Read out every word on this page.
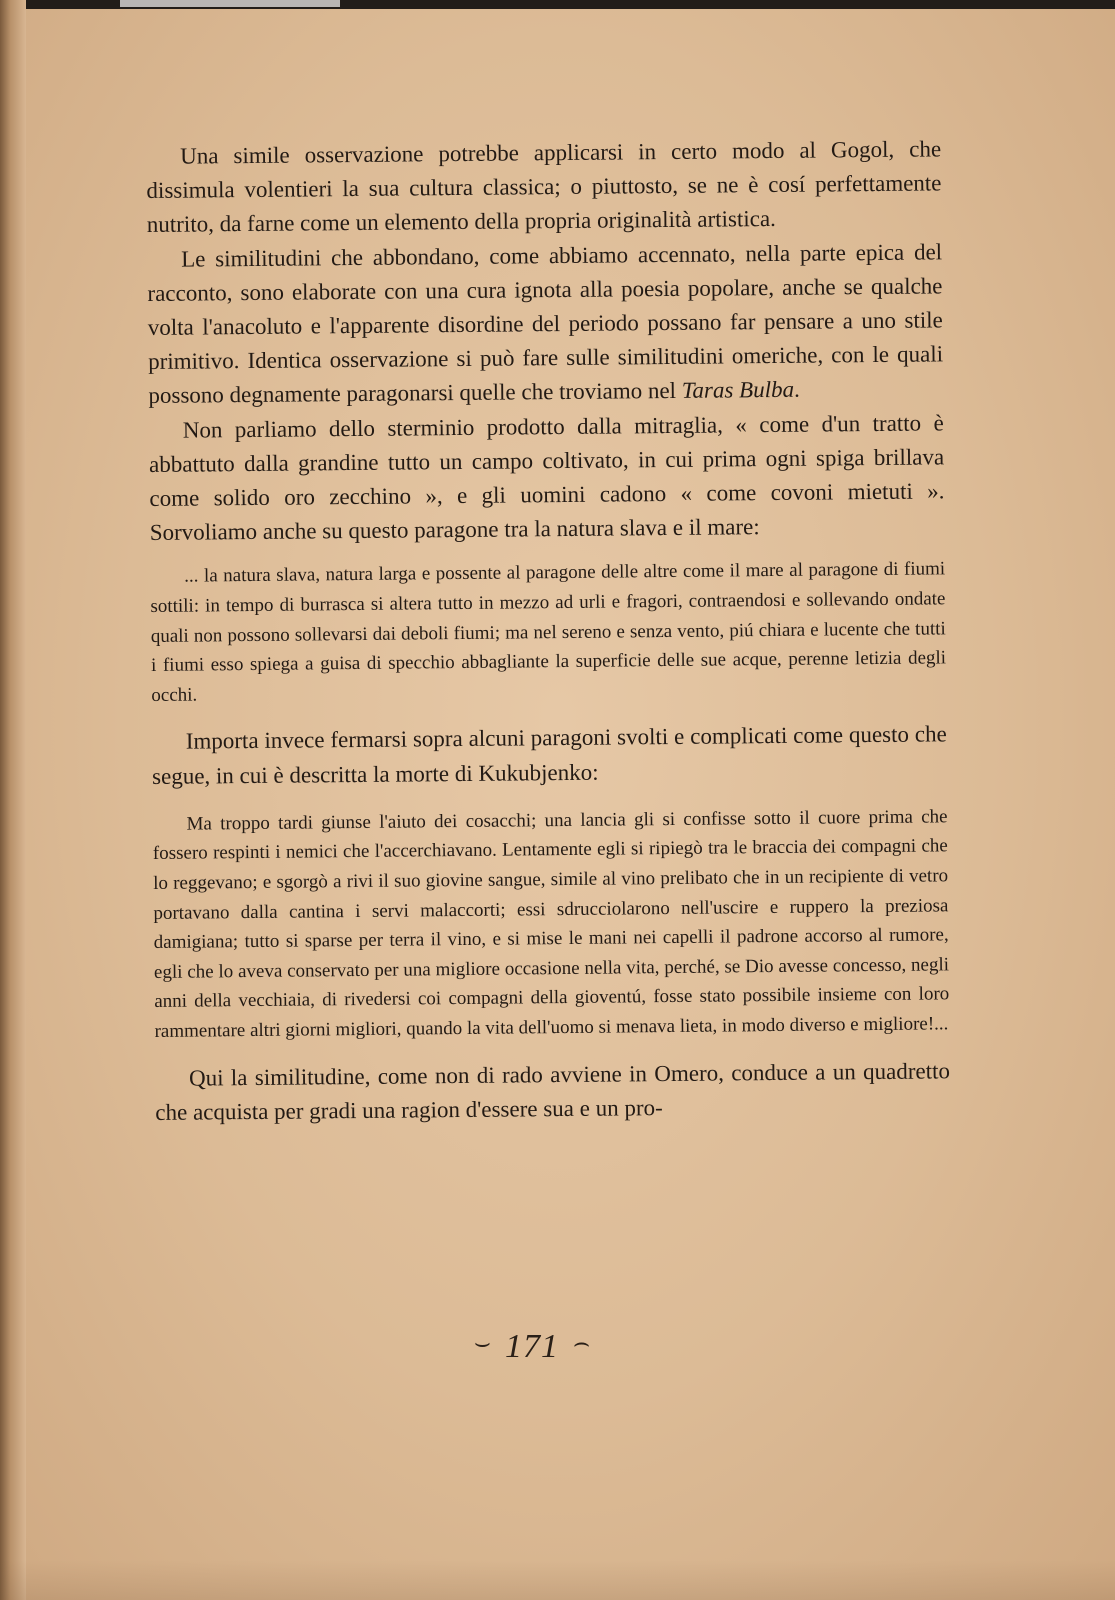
Una simile osservazione potrebbe applicarsi in certo modo al Gogol, che dissimula volentieri la sua cultura classica; o piuttosto, se ne è cosí perfettamente nutrito, da farne come un elemento della propria originalità artistica.

Le similitudini che abbondano, come abbiamo accennato, nella parte epica del racconto, sono elaborate con una cura ignota alla poesia popolare, anche se qualche volta l'anacoluto e l'apparente disordine del periodo possano far pensare a uno stile primitivo. Identica osservazione si può fare sulle similitudini omeriche, con le quali possono degnamente paragonarsi quelle che troviamo nel Taras Bulba.

Non parliamo dello sterminio prodotto dalla mitraglia, « come d'un tratto è abbattuto dalla grandine tutto un campo coltivato, in cui prima ogni spiga brillava come solido oro zecchino », e gli uomini cadono « come covoni mietuti ». Sorvoliamo anche su questo paragone tra la natura slava e il mare:

... la natura slava, natura larga e possente al paragone delle altre come il mare al paragone di fiumi sottili: in tempo di burrasca si altera tutto in mezzo ad urli e fragori, contraendosi e sollevando ondate quali non possono sollevarsi dai deboli fiumi; ma nel sereno e senza vento, piú chiara e lucente che tutti i fiumi esso spiega a guisa di specchio abbagliante la superficie delle sue acque, perenne letizia degli occhi.

Importa invece fermarsi sopra alcuni paragoni svolti e complicati come questo che segue, in cui è descritta la morte di Kukubjenko:

Ma troppo tardi giunse l'aiuto dei cosacchi; una lancia gli si confisse sotto il cuore prima che fossero respinti i nemici che l'accerchiavano. Lentamente egli si ripiegò tra le braccia dei compagni che lo reggevano; e sgorgò a rivi il suo giovine sangue, simile al vino prelibato che in un recipiente di vetro portavano dalla cantina i servi malaccorti; essi sdrucciolarono nell'uscire e ruppero la preziosa damigiana; tutto si sparse per terra il vino, e si mise le mani nei capelli il padrone accorso al rumore, egli che lo aveva conservato per una migliore occasione nella vita, perché, se Dio avesse concesso, negli anni della vecchiaia, di rivedersi coi compagni della gioventú, fosse stato possibile insieme con loro rammentare altri giorni migliori, quando la vita dell'uomo si menava lieta, in modo diverso e migliore!...

Qui la similitudine, come non di rado avviene in Omero, conduce a un quadretto che acquista per gradi una ragion d'essere sua e un pro-

⌣ 171 ⌢
